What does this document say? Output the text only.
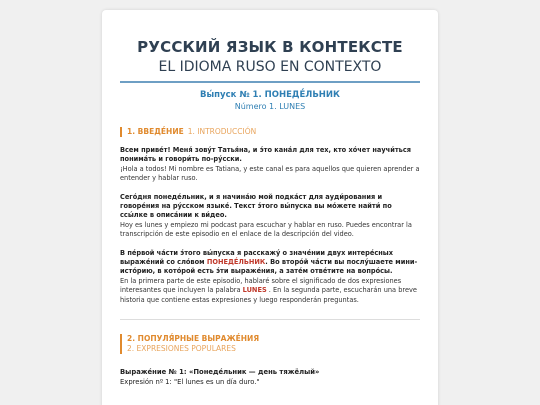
РУССКИЙ ЯЗЫК В КОНТЕКСТЕ
EL IDIOMA RUSO EN CONTEXTO
Вы́пуск № 1. ПОНЕДЕ́ЛЬНИК
Número 1. LUNES
1. ВВЕДЕ́НИЕ 1. INTRODUCCIÓN
Всем приве́т! Меня́ зову́т Татья́на, и э́то кана́л для тех, кто хо́чет научи́ться понима́ть и говори́ть по-ру́сски.
¡Hola a todos! Mi nombre es Tatiana, y este canal es para aquellos que quieren aprender a entender y hablar ruso.
Сего́дня понеде́льник, и я начина́ю мой подка́ст для ауди́рования и говоре́ния на ру́сском языке́. Текст э́того вы́пуска вы мо́жете найти́ по ссы́лке в описа́нии к ви́део.
Hoy es lunes y empiezo mi podcast para escuchar y hablar en ruso. Puedes encontrar la transcripción de este episodio en el enlace de la descripción del video.
В пе́рвой ча́сти э́того вы́пуска я расскажу́ о значе́нии двух интере́сных выраже́ний со сло́вом ПОНЕДЕ́ЛЬНИК. Во второ́й ча́сти вы послу́шаете мини-исто́рию, в кото́рой есть э́ти выраже́ния, а зате́м отве́тите на вопро́сы.
En la primera parte de este episodio, hablaré sobre el significado de dos expresiones interesantes que incluyen la palabra LUNES . En la segunda parte, escucharán una breve historia que contiene estas expresiones y luego responderán preguntas.
2. ПОПУЛЯ́РНЫЕ ВЫРАЖЕ́НИЯ
2. EXPRESIONES POPULARES
Выраже́ние № 1: «Понеде́льник — день тяжёлый»
Expresión nº 1: "El lunes es un día duro."
